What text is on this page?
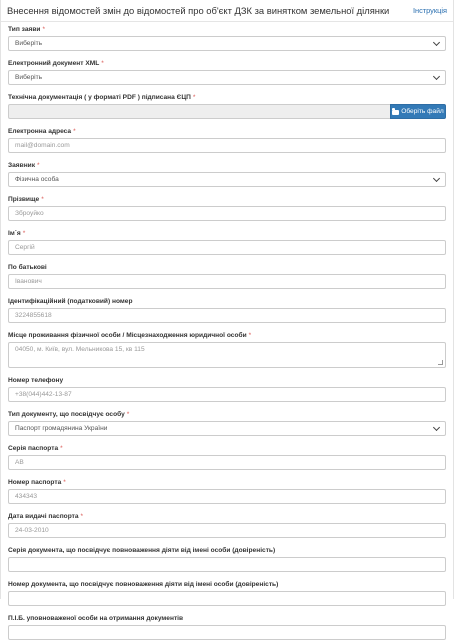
Внесення відомостей змін до відомостей про об'єкт ДЗК за винятком земельної ділянки	Інструкція
Тип заяви *
Виберіть
Електронний документ XML *
Виберіть
Технічна документація ( у форматі PDF ) підписана ЄЦП *
Оберіть файл
Електронна адреса *
mail@domain.com
Заявник *
Фізична особа
Прізвище *
Зброуйко
Ім`я *
Сергій
По батькові
Іванович
Ідентифікаційний (податковий) номер
3224855618
Місце проживання фізичної особи / Місцезнаходження юридичної особи *
04050, м. Київ, вул. Мельникова 15, кв 115
Номер телефону
+38(044)442-13-87
Тип документу, що посвідчує особу *
Паспорт громадянина України
Серія паспорта *
АВ
Номер паспорта *
434343
Дата видачі паспорта *
24-03-2010
Серія документа, що посвідчує повноваження діяти від імені особи (довіреність)
Номер документа, що посвідчує повноваження діяти від імені особи (довіреність)
П.І.Б. уповноваженої особи на отримання документів
